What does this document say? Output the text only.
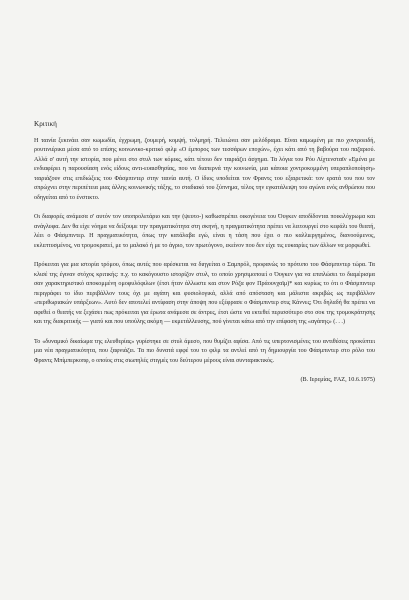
Κριτική

Η ταινία ξεκινάει σαν κωμωδία, έγχρωμη, ζουμερή, κομψή, τολμηρή. Τελειώνει σαν μελόδραμα. Είναι καμωμένη με πιο χοντροειδή, ρουτινιέρικα μέσα από το επίσης κοινωνικο-κριτικό φιλμ «Ο έμπορος των τεσσάρων εποχών», έχει κάτι από τη βαβούρα του παζαριού. Αλλά σ' αυτή την ιστορία, που μένει στο στυλ των κόμικς, κάτι τέτοιο δεν ταιριάζει άσχημα. Τα λόγια του Ρόυ Λίχτενσταϊν «Εμένα με ενδιαφέρει η παρουσίαση ενός είδους αντι-ευαισθησίας, που να διαπερνά την κοινωνία, μια κάποια χοντροκομμένη υπεραπλοποίηση» ταιριάζουν στις επιδιώξεις του Φάσμπιντερ στην ταινία αυτή. Ο ίδιος υποδείται τον Φραντς του εξαιρετικά: τον ερατά του που τον σπρώχνει στην περιπέτεια μιας άλλης κοινωνικής τάξης, το σταδιακό του ξύπνημα, τέλος την εγκατάλειψη του αγώνα ενός ανθρώπου που οδηγείται από το ένστικτο.

Οι διαφορές ανάμεσα σ' αυτόν τον υποπρολετάριο και την (ψευτο-) καθωσπρέπει οικογένεια του Όυγκεν αποδίδονται ποικιλόχρωμα και ανάγλυφα. Δεν θα είχε νόημα να δείξουμε την πραγματικότητα στη σκηνή, η πραγματικότητα πρέπει να λειτουργεί στο κεφάλι του θεατή, λέει ο Φάσμπιντερ. Η πραγματικότητα, όπως την κατάλαβα εγώ, είναι η τάση που έχει ο πιο καλλιεργημένος, διανοούμενος, εκλεπτυσμένος, να τρομοκρατεί, με το μαλακό ή με το άγριο, τον πρωτόγονο, εκείνον που δεν είχε τις ευκαιρίες των άλλων να μορφωθεί.

Πρόκειται για μια ιστορία τρόμου, όπως αυτές που αρέσκεται να διηγείται ο Σαμπρόλ, προφανώς το πρότυπο του Φάσμπιντερ τώρα. Τα κλισέ της έγιναν στόχος κριτικής: π.χ. το κακόγουστο ιστορίζον στυλ, το οποίο χρησιμοποιεί ο Όυγκεν για να επιπλώσει το διαμέρισμα σαν χαρακτηριστικό αποκομμένη ομοφυλόφιλων (έτσι ήταν άλλωστε και στον Ρόζα φον Πράουνχαϊμ)* και κυρίως το ότι ο Φάσμπιντερ περιγράφει το ίδιο περιβάλλον τους όχι με αγάπη και φυσιολογικά, αλλά από απόσταση και μάλιστα ακριβώς ως περιβάλλον «περιθωριακών υπάρξεων». Αυτό δεν αποτελεί αντίφαση στην άποψη που εξέφρασε ο Φάσμπιντερ στις Κάννες; Ότι δηλαδή θα πρέπει να αφεθεί ο θεατής να ξεχάσει πως πρόκειται για έρωτα ανάμεσα σε άντρες, έτσι ώστε να εκτεθεί περισσότερο στο σοκ της τρομοκράτησης και της διακριτικής — γιατύ και που υπούλης ακόμη — εκμετάλλευσης, πού γίνεται κάτω από την επίφαση της «αγάπης» (. . .)

Το «δυναμικό δικαίωμα της ελευθερίας» γυρίστηκε σε στυλ άμεσο, που θυμίζει αφίσα. Από τις υπερτονισμένες του αντιθέσεις προκύπτει μια νέα πραγματικότητα, που ξαφνιάζει. Τα πιο δυνατά εφφέ του το φιλμ τα αντλεί από τη δημιουργία του Φάσμπιντερ στο ρόλο του Φραντς Μπίμπερκοπφ, ο οποίος στις σιωπηλές στιγμές του δεύτερου μέρους είναι συνταρακτικός.

(Β. Ιερεμίας, FAZ, 10.6.1975)
